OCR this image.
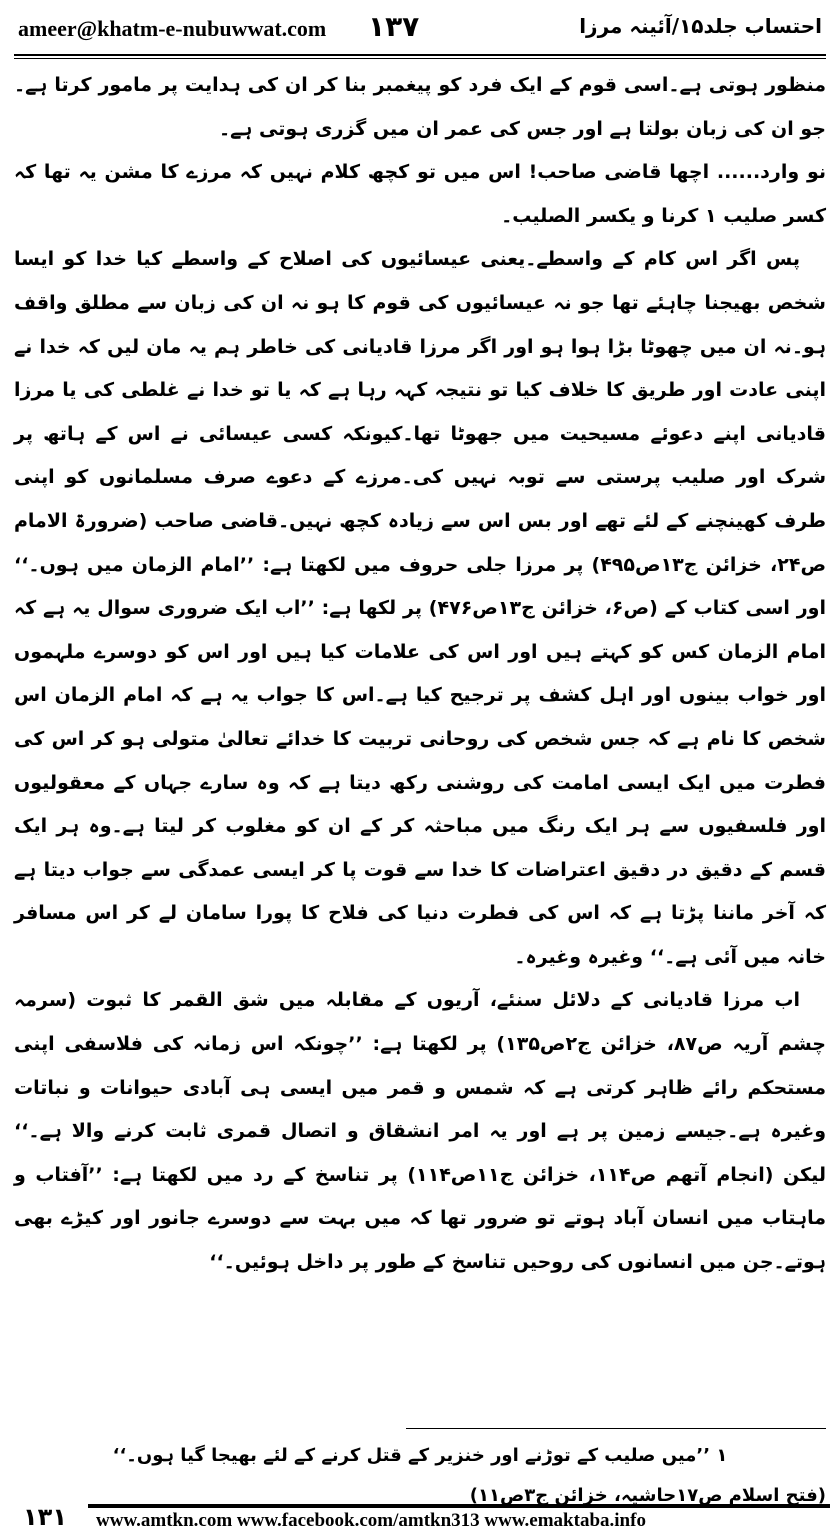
ameer@khatm-e-nubuwwat.com ۱۳۷	احتساب جلد۱۵/آئینہ مرزا

منظور ہوتی ہے۔اسی قوم کے ایک فرد کو پیغمبر بنا کر ان کی ہدایت پر مامور کرتا ہے۔جو ان کی زبان بولتا ہے اور جس کی عمر ان میں گزری ہوتی ہے۔

نو وارد...... اچھا قاضی صاحب! اس میں تو کچھ کلام نہیں کہ مرزے کا مشن یہ تھا کہ کسر صلیب ۱ کرنا و یکسر الصلیب۔

پس اگر اس کام کے واسطے۔یعنی عیسائیوں کی اصلاح کے واسطے کیا خدا کو ایسا شخص بھیجنا چاہئے تھا جو نہ عیسائیوں کی قوم کا ہو نہ ان کی زبان سے مطلق واقف ہو۔نہ ان میں چھوٹا بڑا ہوا ہو اور اگر مرزا قادیانی کی خاطر ہم یہ مان لیں کہ خدا نے اپنی عادت اور طریق کا خلاف کیا تو نتیجہ کہہ رہا ہے کہ یا تو خدا نے غلطی کی یا مرزا قادیانی اپنے دعوئے مسیحیت میں جھوٹا تھا۔کیونکہ کسی عیسائی نے اس کے ہاتھ پر شرک اور صلیب پرستی سے توبہ نہیں کی۔مرزے کے دعوے صرف مسلمانوں کو اپنی طرف کھینچنے کے لئے تھے اور بس اس سے زیادہ کچھ نہیں۔قاضی صاحب (ضرورۃ الامام ص۲۴، خزائن ج۱۳ص۴۹۵) پر مرزا جلی حروف میں لکھتا ہے: ’’امام الزمان میں ہوں۔‘‘ اور اسی کتاب کے (ص۶، خزائن ج۱۳ص۴۷۶) پر لکھا ہے: ’’اب ایک ضروری سوال یہ ہے کہ امام الزمان کس کو کہتے ہیں اور اس کی علامات کیا ہیں اور اس کو دوسرے ملہموں اور خواب بینوں اور اہل کشف پر ترجیح کیا ہے۔اس کا جواب یہ ہے کہ امام الزمان اس شخص کا نام ہے کہ جس شخص کی روحانی تربیت کا خدائے تعالیٰ متولی ہو کر اس کی فطرت میں ایک ایسی امامت کی روشنی رکھ دیتا ہے کہ وہ سارے جہاں کے معقولیوں اور فلسفیوں سے ہر ایک رنگ میں مباحثہ کر کے ان کو مغلوب کر لیتا ہے۔وہ ہر ایک قسم کے دقیق در دقیق اعتراضات کا خدا سے قوت پا کر ایسی عمدگی سے جواب دیتا ہے کہ آخر ماننا پڑتا ہے کہ اس کی فطرت دنیا کی فلاح کا پورا سامان لے کر اس مسافر خانہ میں آئی ہے۔‘‘ وغیرہ وغیرہ۔

اب مرزا قادیانی کے دلائل سنئے، آریوں کے مقابلہ میں شق القمر کا ثبوت (سرمہ چشم آریہ ص۸۷، خزائن ج۲ص۱۳۵) پر لکھتا ہے: ’’چونکہ اس زمانہ کی فلاسفی اپنی مستحکم رائے ظاہر کرتی ہے کہ شمس و قمر میں ایسی ہی آبادی حیوانات و نباتات وغیرہ ہے۔جیسے زمین پر ہے اور یہ امر انشقاق و اتصال قمری ثابت کرنے والا ہے۔‘‘ لیکن (انجام آتھم ص۱۱۴، خزائن ج۱۱ص۱۱۴) پر تناسخ کے رد میں لکھتا ہے: ’’آفتاب و ماہتاب میں انسان آباد ہوتے تو ضرور تھا کہ میں بہت سے دوسرے جانور اور کیڑے بھی ہوتے۔جن میں انسانوں کی روحیں تناسخ کے طور پر داخل ہوئیں۔‘‘

۱ ’’میں صلیب کے توڑنے اور خنزیر کے قتل کرنے کے لئے بھیجا گیا ہوں۔‘‘
(فتح اسلام ص۱۷حاشیہ، خزائن ج۳ص۱۱)
۱۳۱	www.amtkn.com www.facebook.com/amtkn313 www.emaktaba.info
